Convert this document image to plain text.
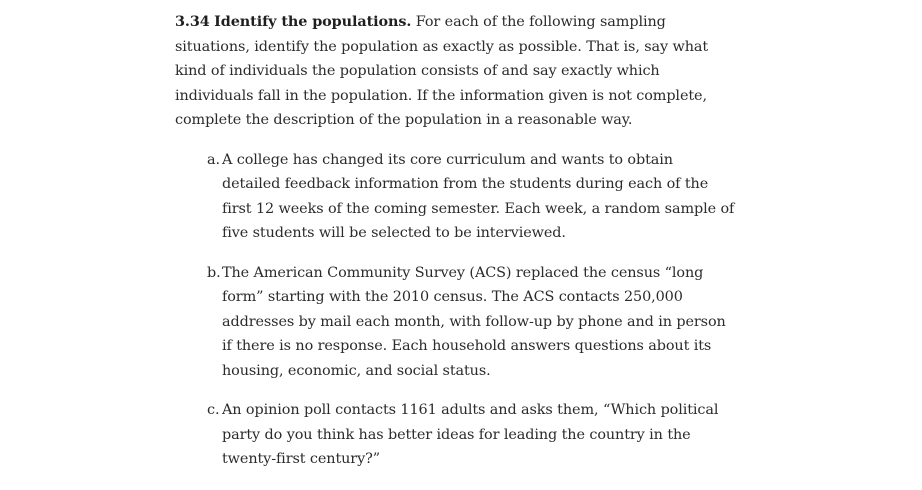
3.34 Identify the populations. For each of the following sampling situations, identify the population as exactly as possible. That is, say what kind of individuals the population consists of and say exactly which individuals fall in the population. If the information given is not complete, complete the description of the population in a reasonable way.

a. A college has changed its core curriculum and wants to obtain detailed feedback information from the students during each of the first 12 weeks of the coming semester. Each week, a random sample of five students will be selected to be interviewed.
b. The American Community Survey (ACS) replaced the census “long form” starting with the 2010 census. The ACS contacts 250,000 addresses by mail each month, with follow-up by phone and in person if there is no response. Each household answers questions about its housing, economic, and social status.
c. An opinion poll contacts 1161 adults and asks them, “Which political party do you think has better ideas for leading the country in the twenty-first century?”
